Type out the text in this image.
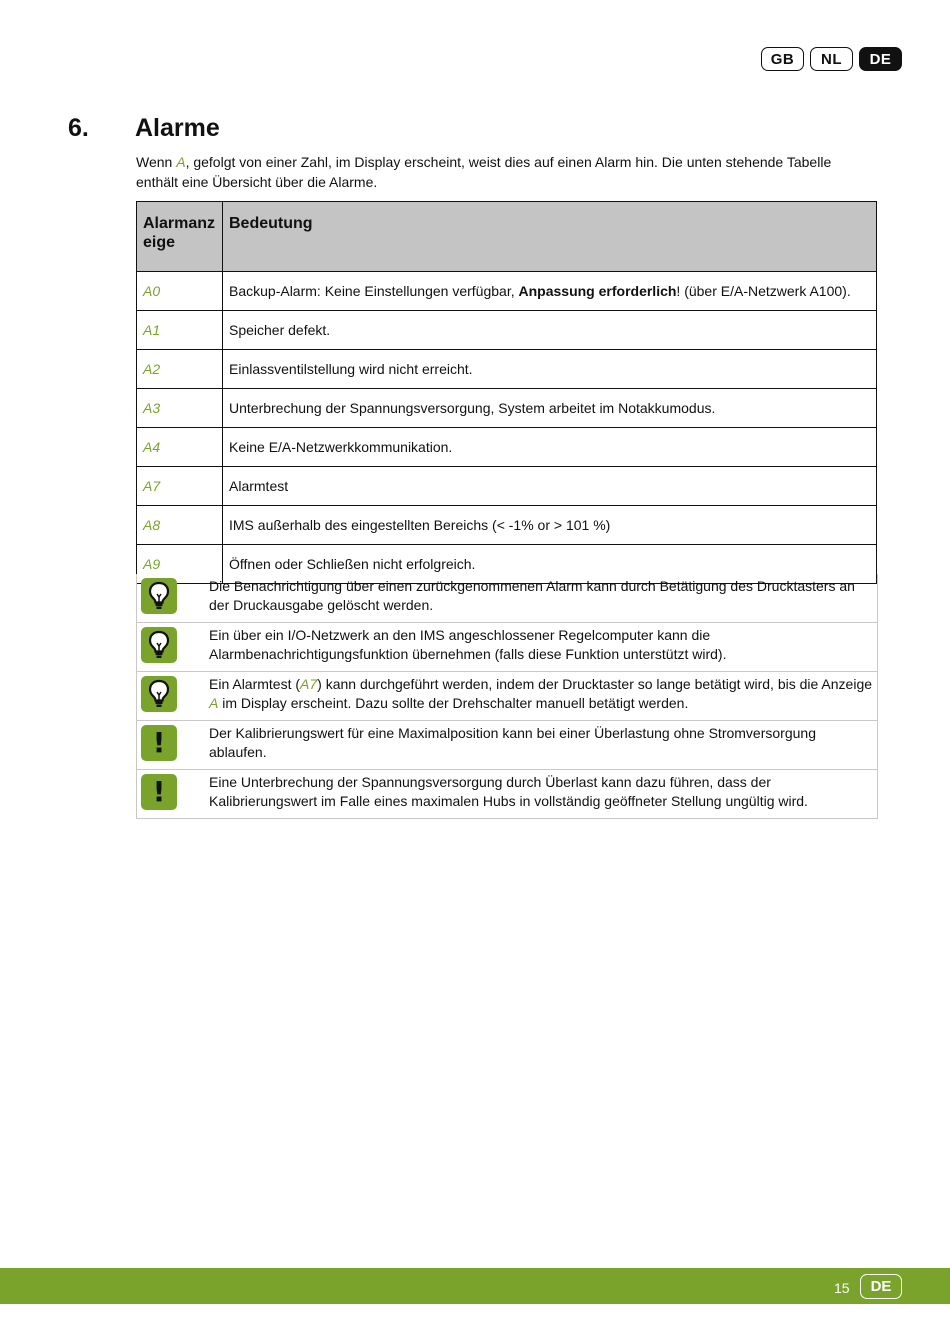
GB	NL	DE
6.	Alarme
Wenn A, gefolgt von einer Zahl, im Display erscheint, weist dies auf einen Alarm hin. Die unten stehende Tabelle enthält eine Übersicht über die Alarme.
Alarmanz eige	Bedeutung
A0	Backup-Alarm: Keine Einstellungen verfügbar, Anpassung erforderlich! (über E/A-Netzwerk A100).
A1	Speicher defekt.
A2	Einlassventilstellung wird nicht erreicht.
A3	Unterbrechung der Spannungsversorgung, System arbeitet im Notakkumodus.
A4	Keine E/A-Netzwerkkommunikation.
A7	Alarmtest
A8	IMS außerhalb des eingestellten Bereichs (< -1% or > 101 %)
A9	Öffnen oder Schließen nicht erfolgreich.
Die Benachrichtigung über einen zurückgenommenen Alarm kann durch Betätigung des Drucktasters an der Druckausgabe gelöscht werden.
Ein über ein I/O-Netzwerk an den IMS angeschlossener Regelcomputer kann die Alarmbenachrichtigungsfunktion übernehmen (falls diese Funktion unterstützt wird).
Ein Alarmtest (A7) kann durchgeführt werden, indem der Drucktaster so lange betätigt wird, bis die Anzeige A im Display erscheint. Dazu sollte der Drehschalter manuell betätigt werden.
!	Der Kalibrierungswert für eine Maximalposition kann bei einer Überlastung ohne Stromversorgung ablaufen.
!	Eine Unterbrechung der Spannungsversorgung durch Überlast kann dazu führen, dass der Kalibrierungswert im Falle eines maximalen Hubs in vollständig geöffneter Stellung ungültig wird.
15	DE
